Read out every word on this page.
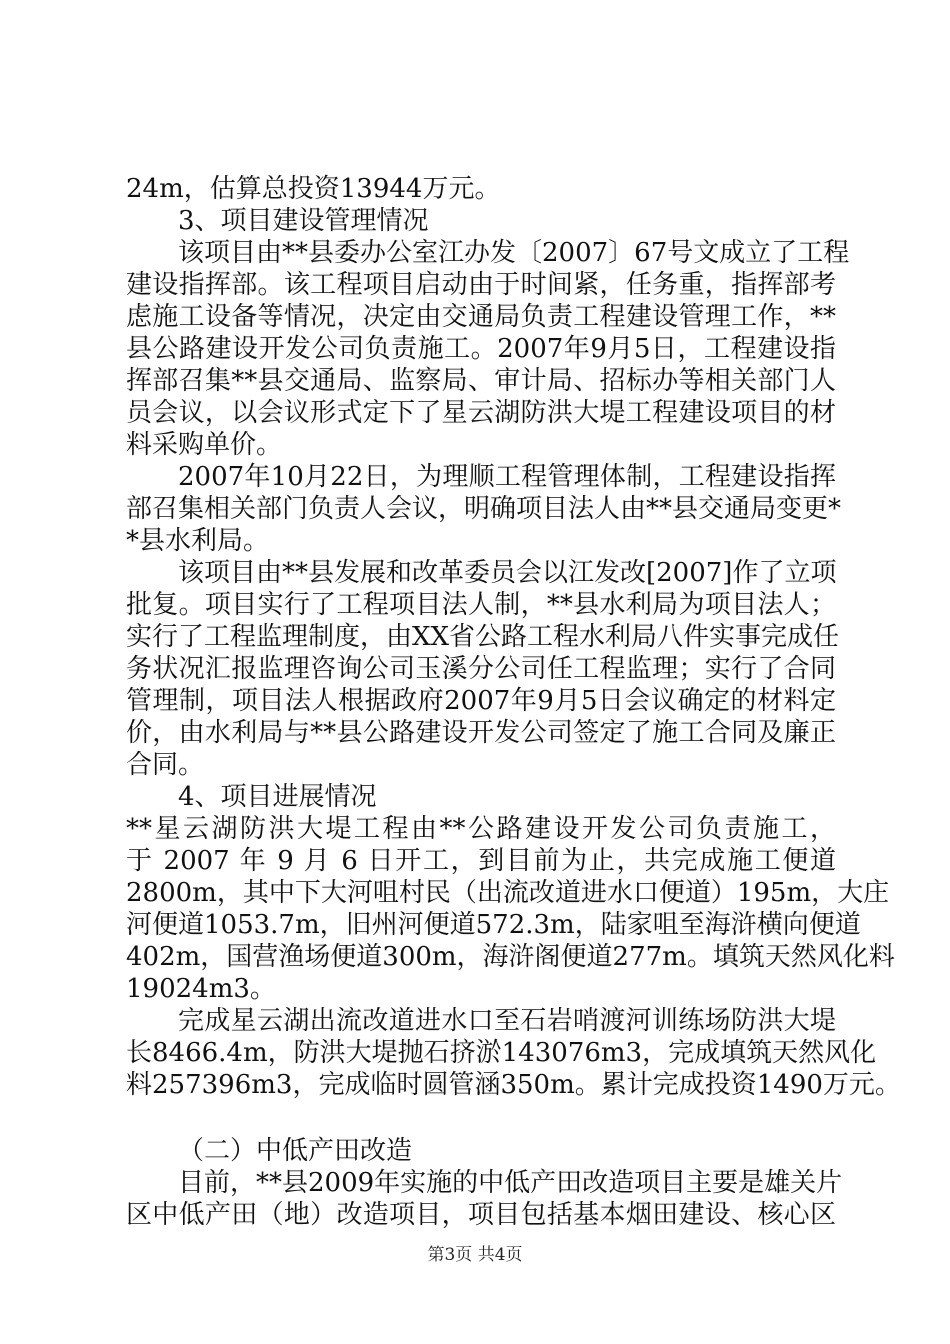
24m，估算总投资13944万元。
3、项目建设管理情况
该项目由**县委办公室江办发〔2007〕67号文成立了工程
建设指挥部。该工程项目启动由于时间紧，任务重，指挥部考
虑施工设备等情况，决定由交通局负责工程建设管理工作，**
县公路建设开发公司负责施工。2007年9月5日，工程建设指
挥部召集**县交通局、监察局、审计局、招标办等相关部门人
员会议，以会议形式定下了星云湖防洪大堤工程建设项目的材
料采购单价。
2007年10月22日，为理顺工程管理体制，工程建设指挥
部召集相关部门负责人会议，明确项目法人由**县交通局变更*
*县水利局。
该项目由**县发展和改革委员会以江发改[2007]作了立项
批复。项目实行了工程项目法人制，**县水利局为项目法人；
实行了工程监理制度，由XX省公路工程水利局八件实事完成任
务状况汇报监理咨询公司玉溪分公司任工程监理；实行了合同
管理制，项目法人根据政府2007年9月5日会议确定的材料定
价，由水利局与**县公路建设开发公司签定了施工合同及廉正
合同。
4、项目进展情况
**星云湖防洪大堤工程由**公路建设开发公司负责施工，
于 2007 年 9 月 6 日开工，到目前为止，共完成施工便道
2800m，其中下大河咀村民（出流改道进水口便道）195m，大庄
河便道1053.7m，旧州河便道572.3m，陆家咀至海浒横向便道
402m，国营渔场便道300m，海浒阁便道277m。填筑天然风化料
19024m3。
完成星云湖出流改道进水口至石岩哨渡河训练场防洪大堤
长8466.4m，防洪大堤抛石挤淤143076m3，完成填筑天然风化
料257396m3，完成临时圆管涵350m。累计完成投资1490万元。
（二）中低产田改造
目前，**县2009年实施的中低产田改造项目主要是雄关片
区中低产田（地）改造项目，项目包括基本烟田建设、核心区
第3页 共4页
